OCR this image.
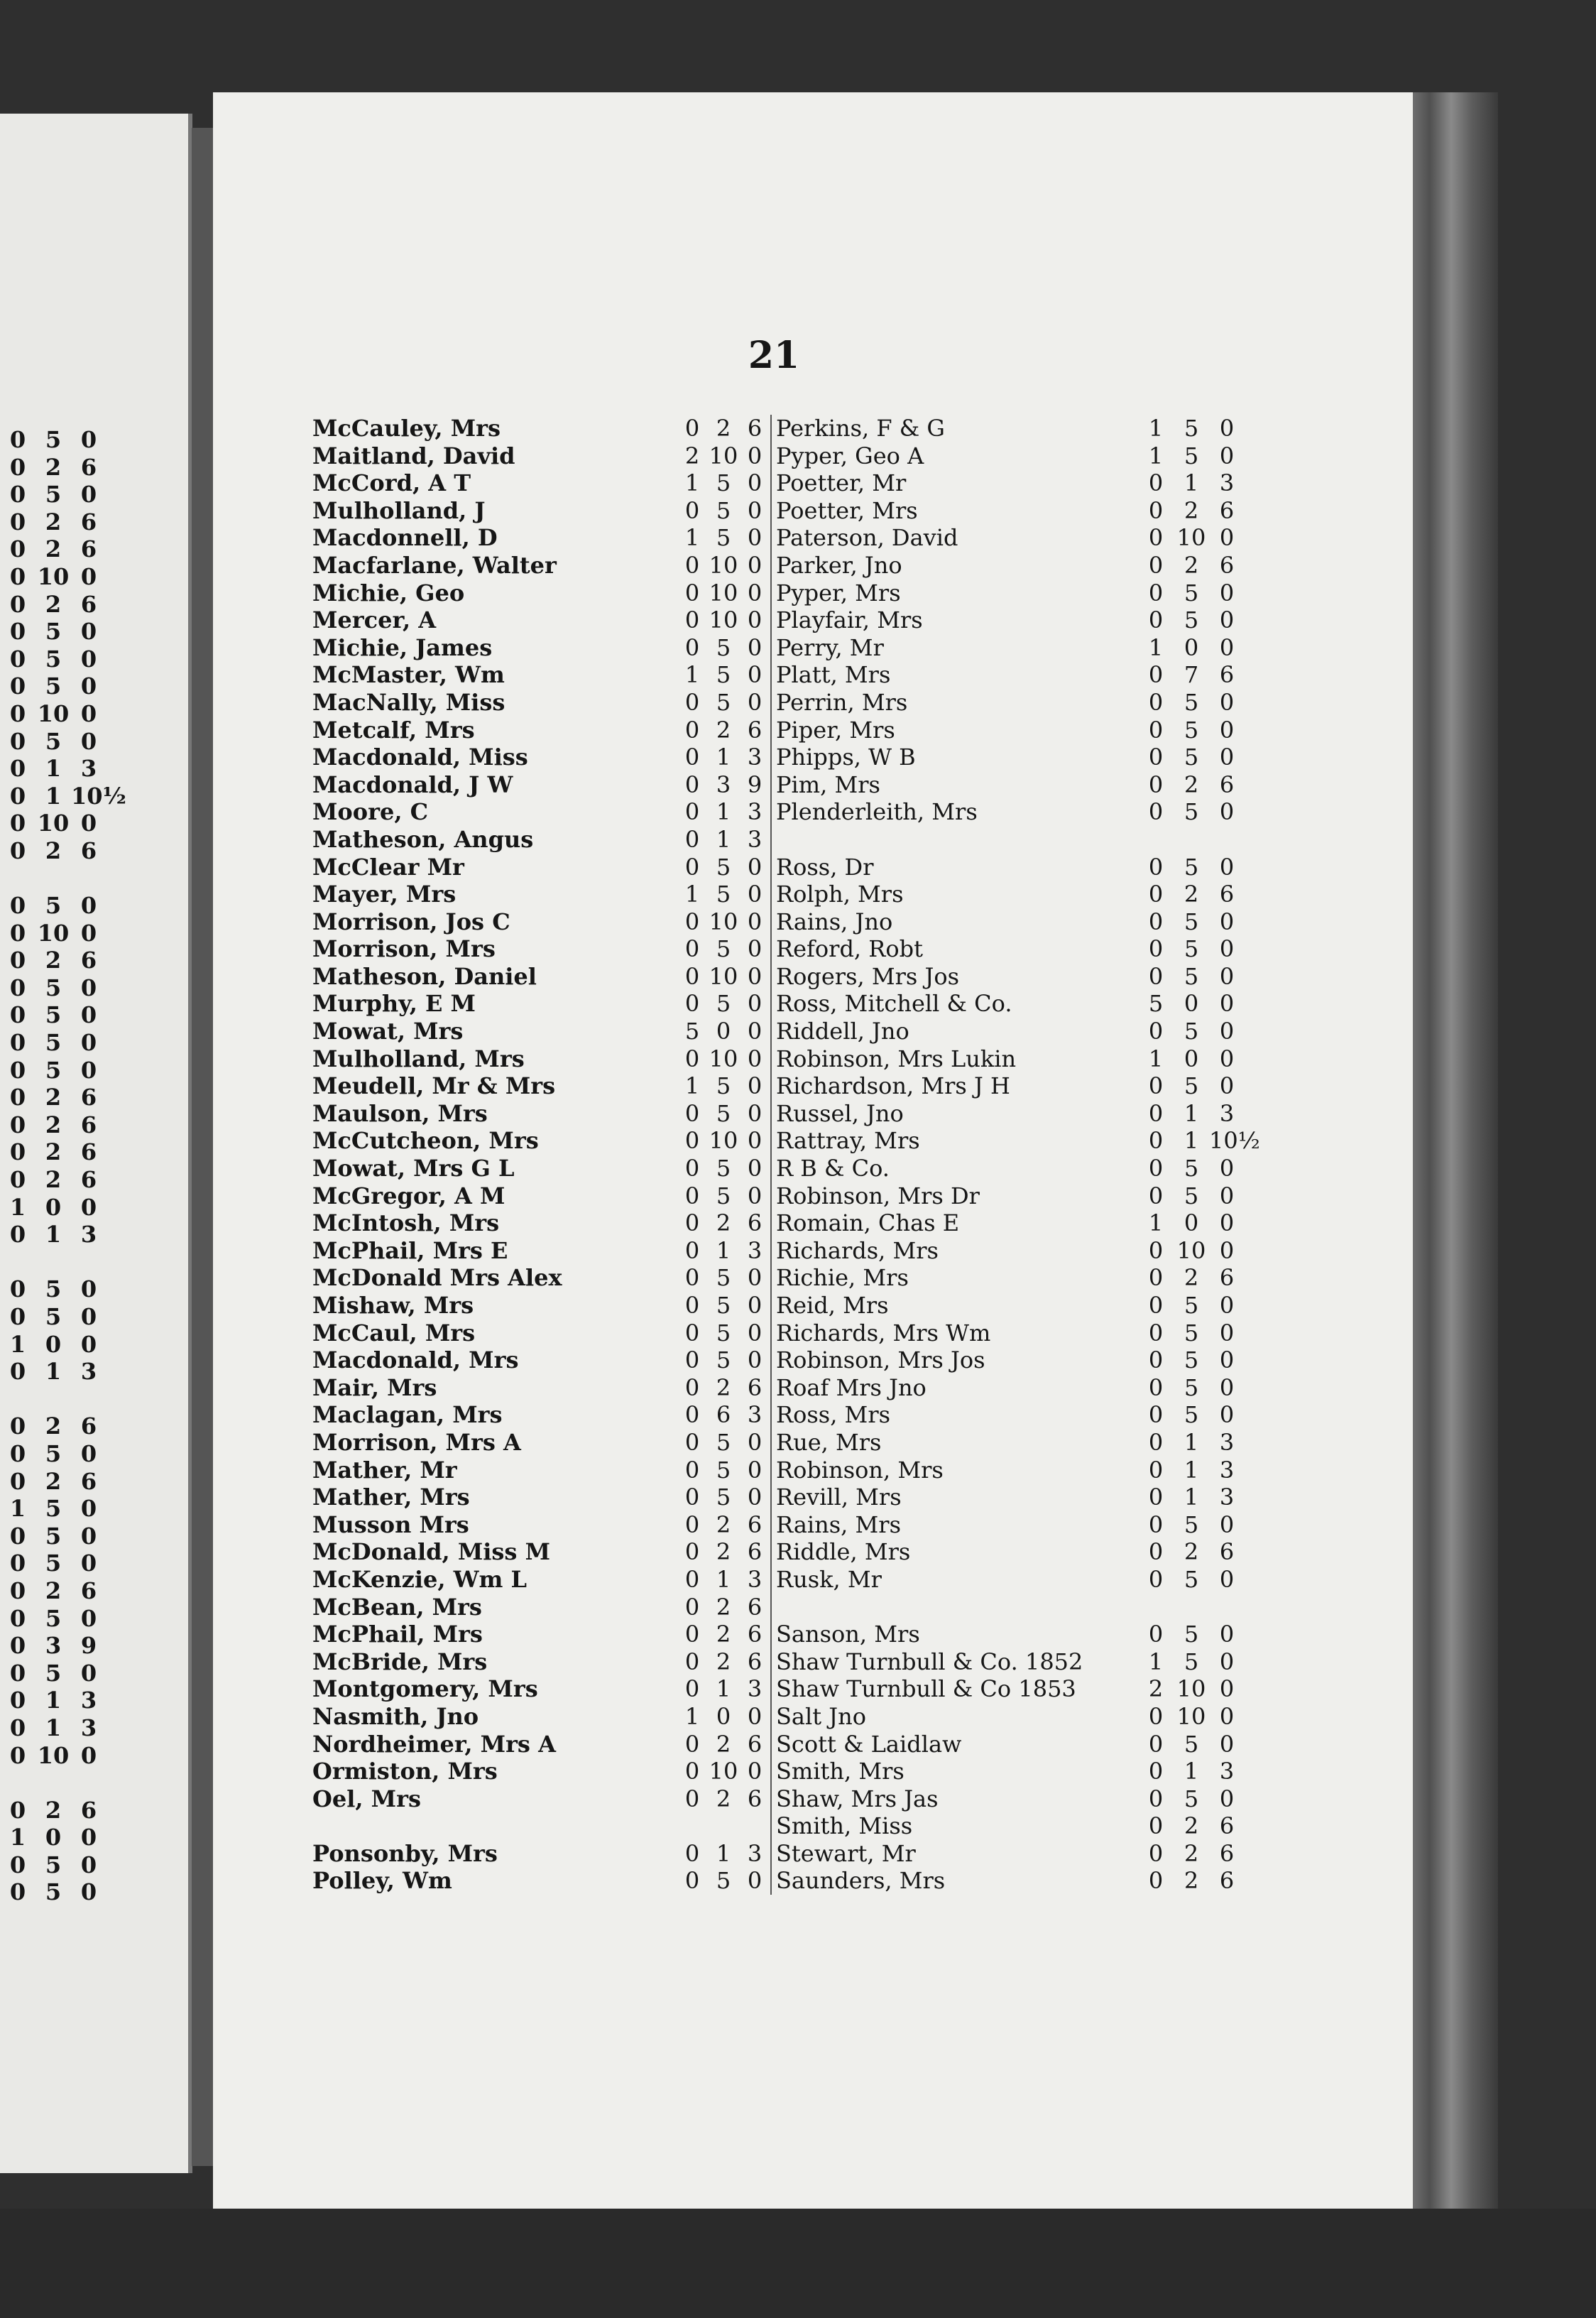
21
0 5 0
0 2 6
0 5 0
0 2 6
0 2 6
0 10 0
0 2 6
0 5 0
0 5 0
0 5 0
0 10 0
0 5 0
0 1 3
0 1 10½
0 10 0
0 2 6
0 5 0
0 10 0
0 2 6
0 5 0
0 5 0
0 5 0
0 5 0
0 2 6
0 2 6
0 2 6
0 2 6
1 0 0
0 1 3
0 5 0
0 5 0
1 0 0
0 1 3
0 2 6
0 5 0
0 2 6
1 5 0
0 5 0
0 5 0
0 2 6
0 5 0
0 3 9
0 5 0
0 1 3
0 1 3
0 10 0
0 2 6
1 0 0
0 5 0
0 5 0
McCauley, Mrs	0 2 6
Maitland, David	2 10 0
McCord, A T	1 5 0
Mulholland, J	0 5 0
Macdonnell, D	1 5 0
Macfarlane, Walter	0 10 0
Michie, Geo	0 10 0
Mercer, A	0 10 0
Michie, James	0 5 0
McMaster, Wm	1 5 0
MacNally, Miss	0 5 0
Metcalf, Mrs	0 2 6
Macdonald, Miss	0 1 3
Macdonald, J W	0 3 9
Moore, C	0 1 3
Matheson, Angus	0 1 3
McClear Mr	0 5 0
Mayer, Mrs	1 5 0
Morrison, Jos C	0 10 0
Morrison, Mrs	0 5 0
Matheson, Daniel	0 10 0
Murphy, E M	0 5 0
Mowat, Mrs	5 0 0
Mulholland, Mrs	0 10 0
Meudell, Mr & Mrs	1 5 0
Maulson, Mrs	0 5 0
McCutcheon, Mrs	0 10 0
Mowat, Mrs G L	0 5 0
McGregor, A M	0 5 0
McIntosh, Mrs	0 2 6
McPhail, Mrs E	0 1 3
McDonald Mrs Alex	0 5 0
Mishaw, Mrs	0 5 0
McCaul, Mrs	0 5 0
Macdonald, Mrs	0 5 0
Mair, Mrs	0 2 6
Maclagan, Mrs	0 6 3
Morrison, Mrs A	0 5 0
Mather, Mr	0 5 0
Mather, Mrs	0 5 0
Musson Mrs	0 2 6
McDonald, Miss M	0 2 6
McKenzie, Wm L	0 1 3
McBean, Mrs	0 2 6
McPhail, Mrs	0 2 6
McBride, Mrs	0 2 6
Montgomery, Mrs	0 1 3
Nasmith, Jno	1 0 0
Nordheimer, Mrs A	0 2 6
Ormiston, Mrs	0 10 0
Oel, Mrs	0 2 6
Ponsonby, Mrs	0 1 3
Polley, Wm	0 5 0
Perkins, F & G	1 5 0
Pyper, Geo A	1 5 0
Poetter, Mr	0 1 3
Poetter, Mrs	0 2 6
Paterson, David	0 10 0
Parker, Jno	0 2 6
Pyper, Mrs	0 5 0
Playfair, Mrs	0 5 0
Perry, Mr	1 0 0
Platt, Mrs	0 7 6
Perrin, Mrs	0 5 0
Piper, Mrs	0 5 0
Phipps, W B	0 5 0
Pim, Mrs	0 2 6
Plenderleith, Mrs	0 5 0
Ross, Dr	0 5 0
Rolph, Mrs	0 2 6
Rains, Jno	0 5 0
Reford, Robt	0 5 0
Rogers, Mrs Jos	0 5 0
Ross, Mitchell & Co.	5 0 0
Riddell, Jno	0 5 0
Robinson, Mrs Lukin	1 0 0
Richardson, Mrs J H	0 5 0
Russel, Jno	0 1 3
Rattray, Mrs	0 1 10½
R B & Co.	0 5 0
Robinson, Mrs Dr	0 5 0
Romain, Chas E	1 0 0
Richards, Mrs	0 10 0
Richie, Mrs	0 2 6
Reid, Mrs	0 5 0
Richards, Mrs Wm	0 5 0
Robinson, Mrs Jos	0 5 0
Roaf Mrs Jno	0 5 0
Ross, Mrs	0 5 0
Rue, Mrs	0 1 3
Robinson, Mrs	0 1 3
Revill, Mrs	0 1 3
Rains, Mrs	0 5 0
Riddle, Mrs	0 2 6
Rusk, Mr	0 5 0
Sanson, Mrs	0 5 0
Shaw Turnbull & Co. 1852	1 5 0
Shaw Turnbull & Co 1853	2 10 0
Salt Jno	0 10 0
Scott & Laidlaw	0 5 0
Smith, Mrs	0 1 3
Shaw, Mrs Jas	0 5 0
Smith, Miss	0 2 6
Stewart, Mr	0 2 6
Saunders, Mrs	0 2 6
